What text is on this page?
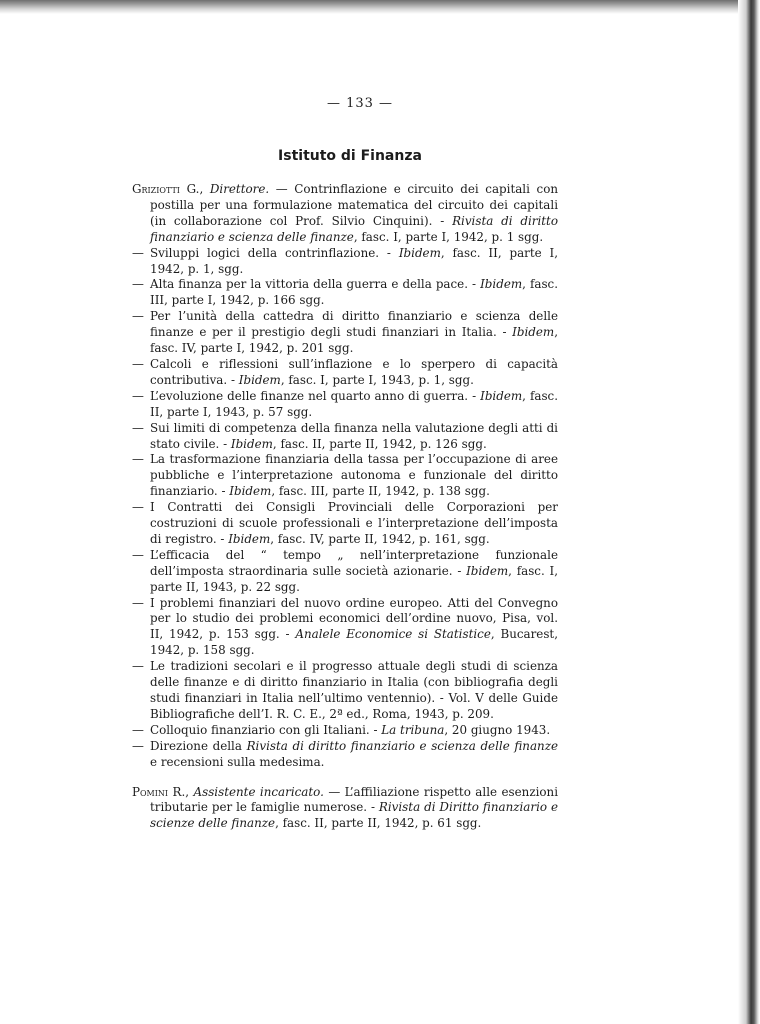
— 133 —
Istituto di Finanza
Griziotti G., Direttore. — Contrinflazione e circuito dei capitali con postilla per una formulazione matematica del circuito dei capitali (in collaborazione col Prof. Silvio Cinquini). - Rivista di diritto finanziario e scienza delle finanze, fasc. I, parte I, 1942, p. 1 sgg.
— Sviluppi logici della contrinflazione. - Ibidem, fasc. II, parte I, 1942, p. 1, sgg.
— Alta finanza per la vittoria della guerra e della pace. - Ibidem, fasc. III, parte I, 1942, p. 166 sgg.
— Per l’unità della cattedra di diritto finanziario e scienza delle finanze e per il prestigio degli studi finanziari in Italia. - Ibidem, fasc. IV, parte I, 1942, p. 201 sgg.
— Calcoli e riflessioni sull’inflazione e lo sperpero di capacità contributiva. - Ibidem, fasc. I, parte I, 1943, p. 1, sgg.
— L’evoluzione delle finanze nel quarto anno di guerra. - Ibidem, fasc. II, parte I, 1943, p. 57 sgg.
— Sui limiti di competenza della finanza nella valutazione degli atti di stato civile. - Ibidem, fasc. II, parte II, 1942, p. 126 sgg.
— La trasformazione finanziaria della tassa per l’occupazione di aree pubbliche e l’interpretazione autonoma e funzionale del diritto finanziario. - Ibidem, fasc. III, parte II, 1942, p. 138 sgg.
— I Contratti dei Consigli Provinciali delle Corporazioni per costruzioni di scuole professionali e l’interpretazione dell’imposta di registro. - Ibidem, fasc. IV, parte II, 1942, p. 161, sgg.
— L’efficacia del “ tempo „ nell’interpretazione funzionale dell’imposta straordinaria sulle società azionarie. - Ibidem, fasc. I, parte II, 1943, p. 22 sgg.
— I problemi finanziari del nuovo ordine europeo. Atti del Convegno per lo studio dei problemi economici dell’ordine nuovo, Pisa, vol. II, 1942, p. 153 sgg. - Analele Economice si Statistice, Bucarest, 1942, p. 158 sgg.
— Le tradizioni secolari e il progresso attuale degli studi di scienza delle finanze e di diritto finanziario in Italia (con bibliografia degli studi finanziari in Italia nell’ultimo ventennio). - Vol. V delle Guide Bibliografiche dell’I. R. C. E., 2ª ed., Roma, 1943, p. 209.
— Colloquio finanziario con gli Italiani. - La tribuna, 20 giugno 1943.
— Direzione della Rivista di diritto finanziario e scienza delle finanze e recensioni sulla medesima.
Pomini R., Assistente incaricato. — L’affiliazione rispetto alle esenzioni tributarie per le famiglie numerose. - Rivista di Diritto finanziario e scienze delle finanze, fasc. II, parte II, 1942, p. 61 sgg.
